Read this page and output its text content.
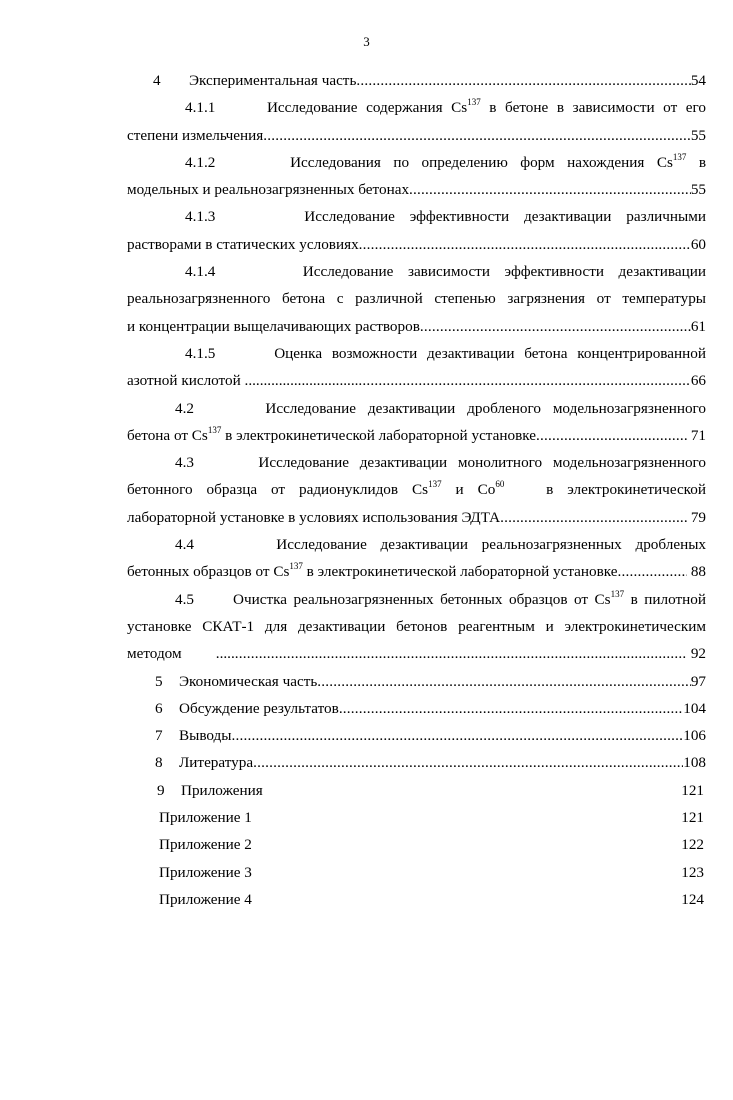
3
4 Экспериментальная часть .....	54
4.1.1	Исследование содержания Cs$^{137}$ в бетоне в зависимости от его
степени измельчения .....	55
4.1.2	Исследования по определению форм нахождения Cs$^{137}$ в
модельных и реальнозагрязненных бетонах .....	55
4.1.3	Исследование эффективности дезактивации различными
растворами в статических условиях .....	60
4.1.4	Исследование зависимости эффективности дезактивации
реальнозагрязненного бетона с различной степенью загрязнения от температуры
и концентрации выщелачивающих растворов .....	61
4.1.5	Оценка возможности дезактивации бетона концентрированной
азотной кислотой .............................. .....	66
4.2	Исследование дезактивации дробленого модельнозагрязненного
бетона от Cs$^{137}$ в электрокинетической лабораторной установке .....	71
4.3	Исследование дезактивации монолитного модельнозагрязненного
бетонного образца от радионуклидов Cs$^{137}$ и Co$^{60}$	в электрокинетической
лабораторной установке в условиях использования ЭДТА .....	79
4.4	Исследование дезактивации реальнозагрязненных дробленых
бетонных образцов от Cs$^{137}$ в электрокинетической лабораторной установке .....	88
4.5	Очистка реальнозагрязненных бетонных образцов от Cs$^{137}$ в пилотной
установке СКАТ-1 для дезактивации бетонов реагентным и электрокинетическим
методом ..... .....	92
5 Экономическая часть .....	97
6 Обсуждение результатов .....	104
7 Выводы .....	106
8 Литература .....	108
9 Приложения	121
Приложение 1	121
Приложение 2	122
Приложение 3	123
Приложение 4	124
